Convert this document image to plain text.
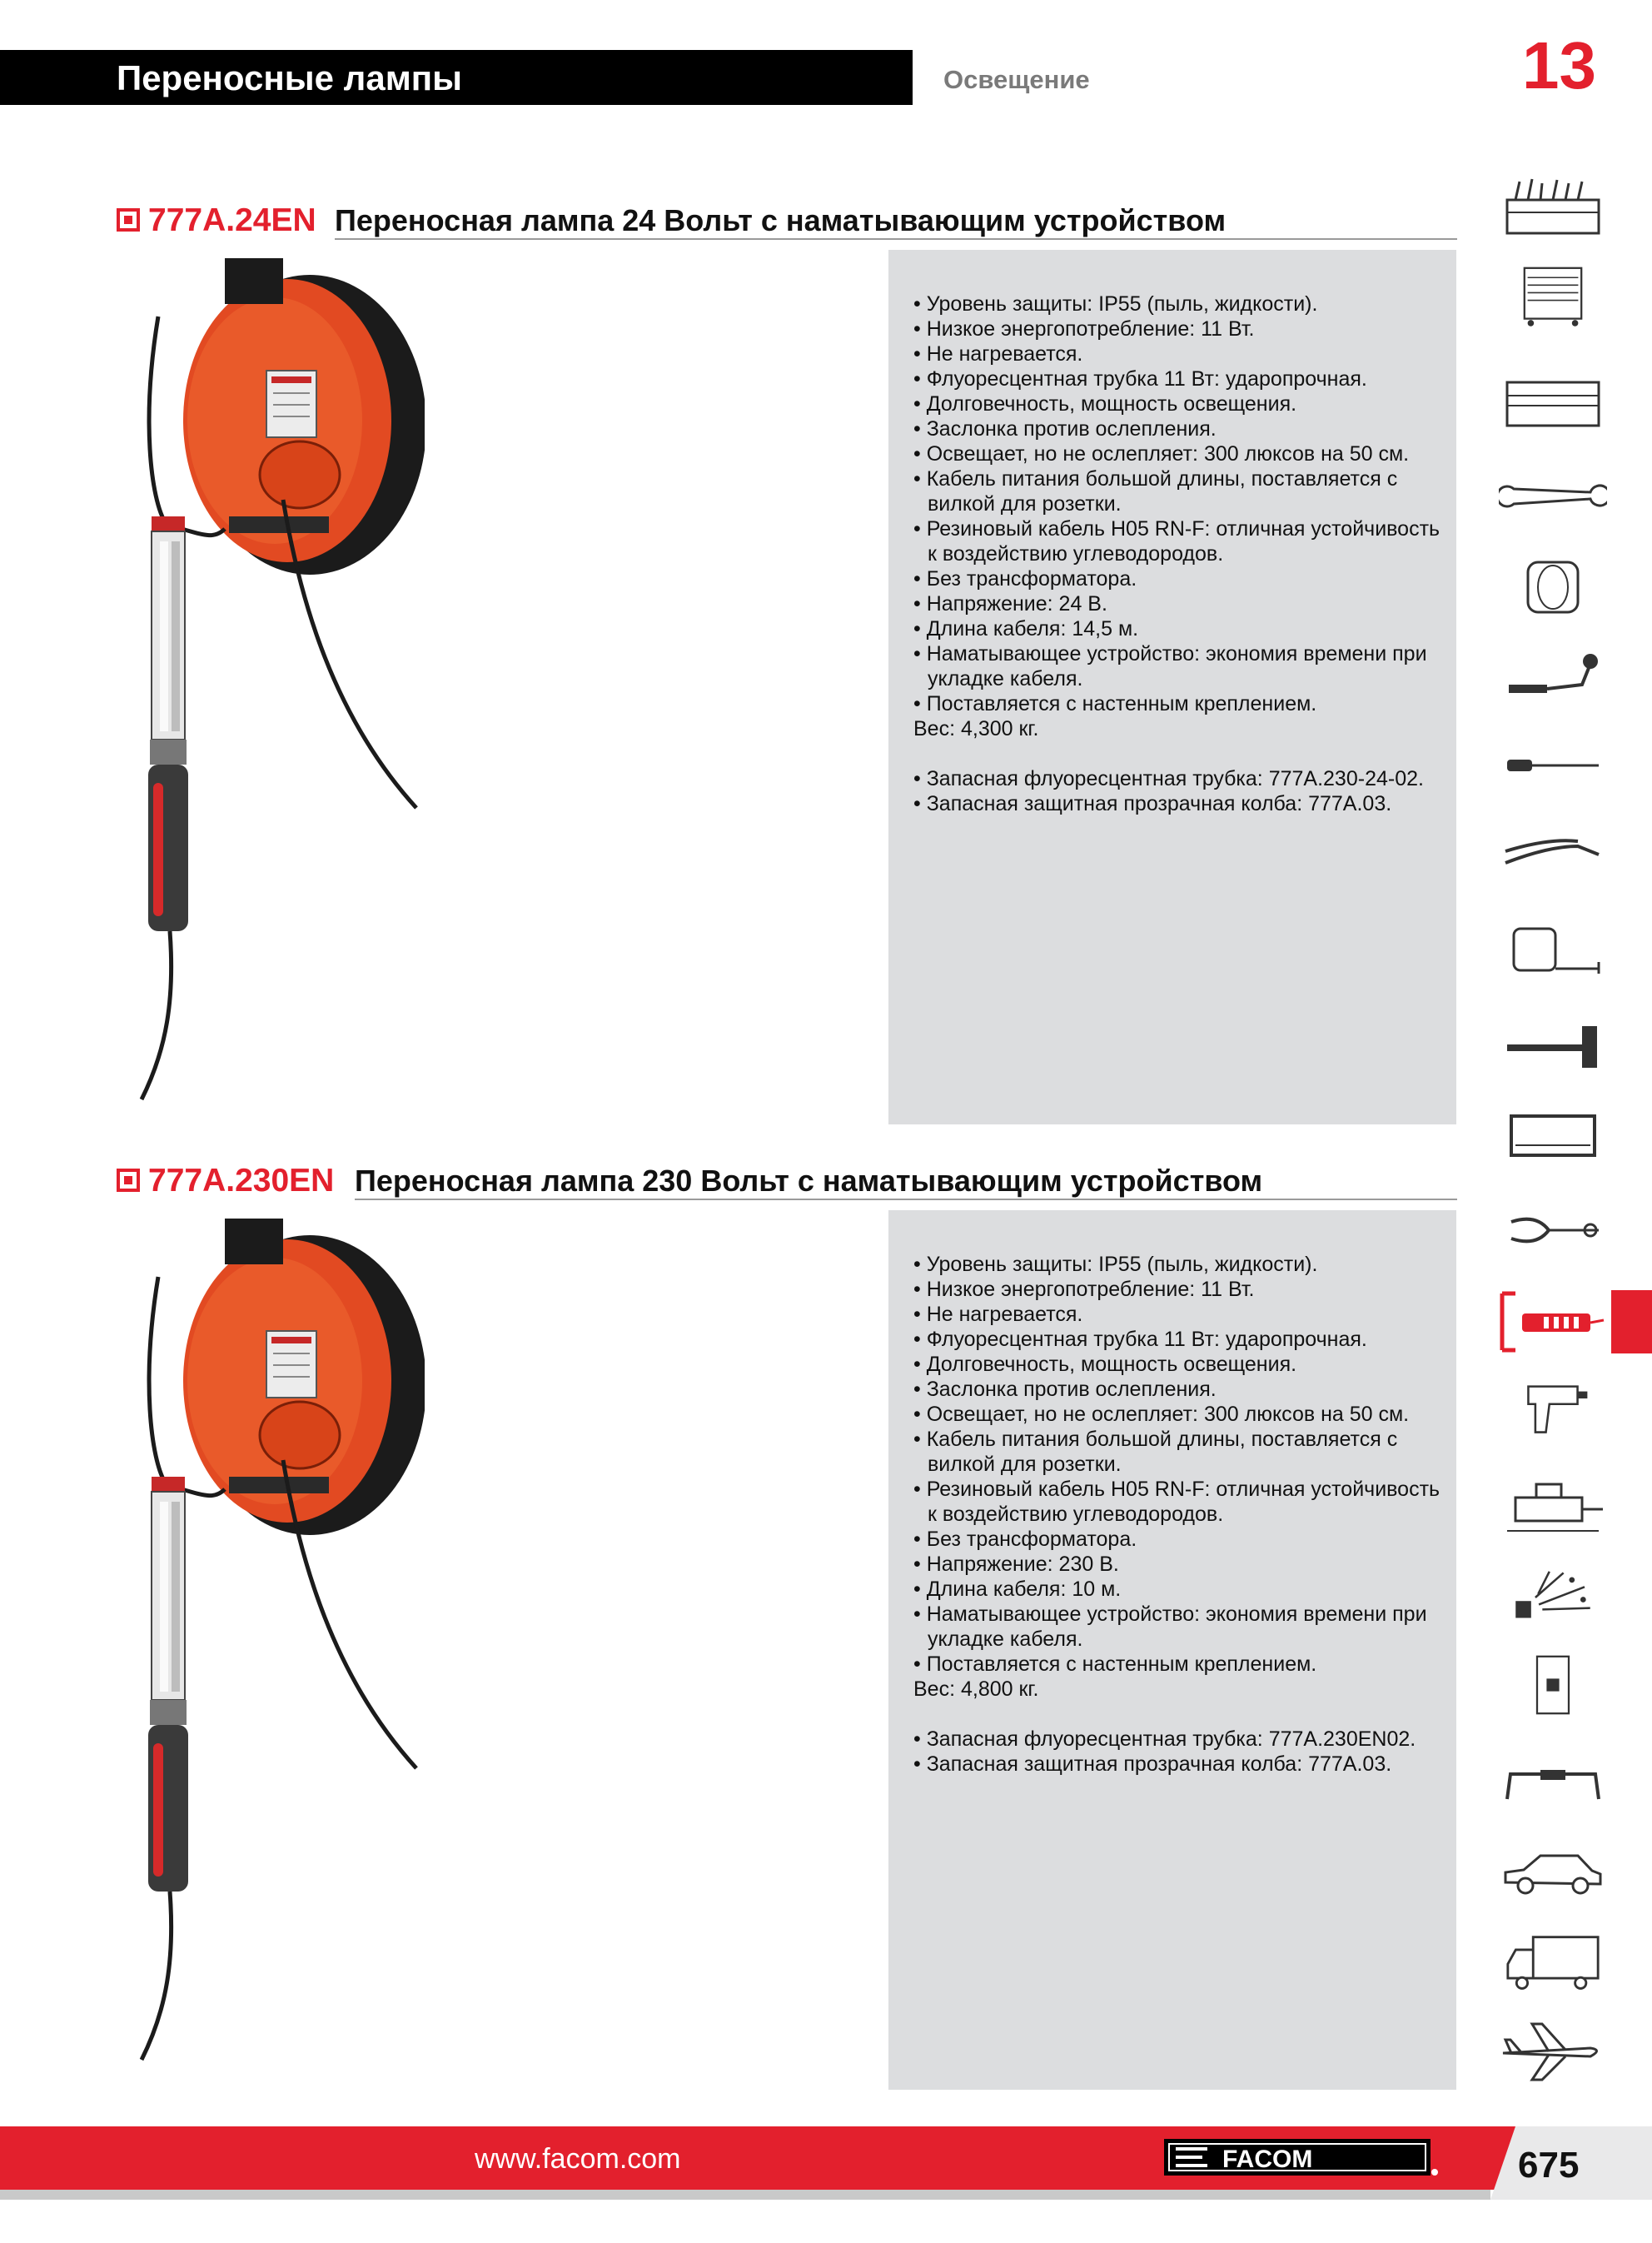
Переносные лампы	Освещение	13
777A.24EN Переносная лампа 24 Вольт с наматывающим устройством
• Уровень защиты: IP55 (пыль, жидкости).
• Низкое энергопотребление: 11 Вт.
• Не нагревается.
• Флуоресцентная трубка 11 Вт: ударопрочная.
• Долговечность, мощность освещения.
• Заслонка против ослепления.
• Освещает, но не ослепляет: 300 люксов на 50 см.
• Кабель питания большой длины, поставляется с вилкой для розетки.
• Резиновый кабель H05 RN-F: отличная устойчивость к воздействию углеводородов.
• Без трансформатора.
• Напряжение: 24 В.
• Длина кабеля: 14,5 м.
• Наматывающее устройство: экономия времени при укладке кабеля.
• Поставляется с настенным креплением.
Вес: 4,300 кг.
• Запасная флуоресцентная трубка: 777A.230-24-02.
• Запасная защитная прозрачная колба: 777A.03.
777A.230EN Переносная лампа 230 Вольт с наматывающим устройством
• Уровень защиты: IP55 (пыль, жидкости).
• Низкое энергопотребление: 11 Вт.
• Не нагревается.
• Флуоресцентная трубка 11 Вт: ударопрочная.
• Долговечность, мощность освещения.
• Заслонка против ослепления.
• Освещает, но не ослепляет: 300 люксов на 50 см.
• Кабель питания большой длины, поставляется с вилкой для розетки.
• Резиновый кабель H05 RN-F: отличная устойчивость к воздействию углеводородов.
• Без трансформатора.
• Напряжение: 230 В.
• Длина кабеля: 10 м.
• Наматывающее устройство: экономия времени при укладке кабеля.
• Поставляется с настенным креплением.
Вес: 4,800 кг.
• Запасная флуоресцентная трубка: 777A.230EN02.
• Запасная защитная прозрачная колба: 777A.03.
www.facom.com	FACOM	675
